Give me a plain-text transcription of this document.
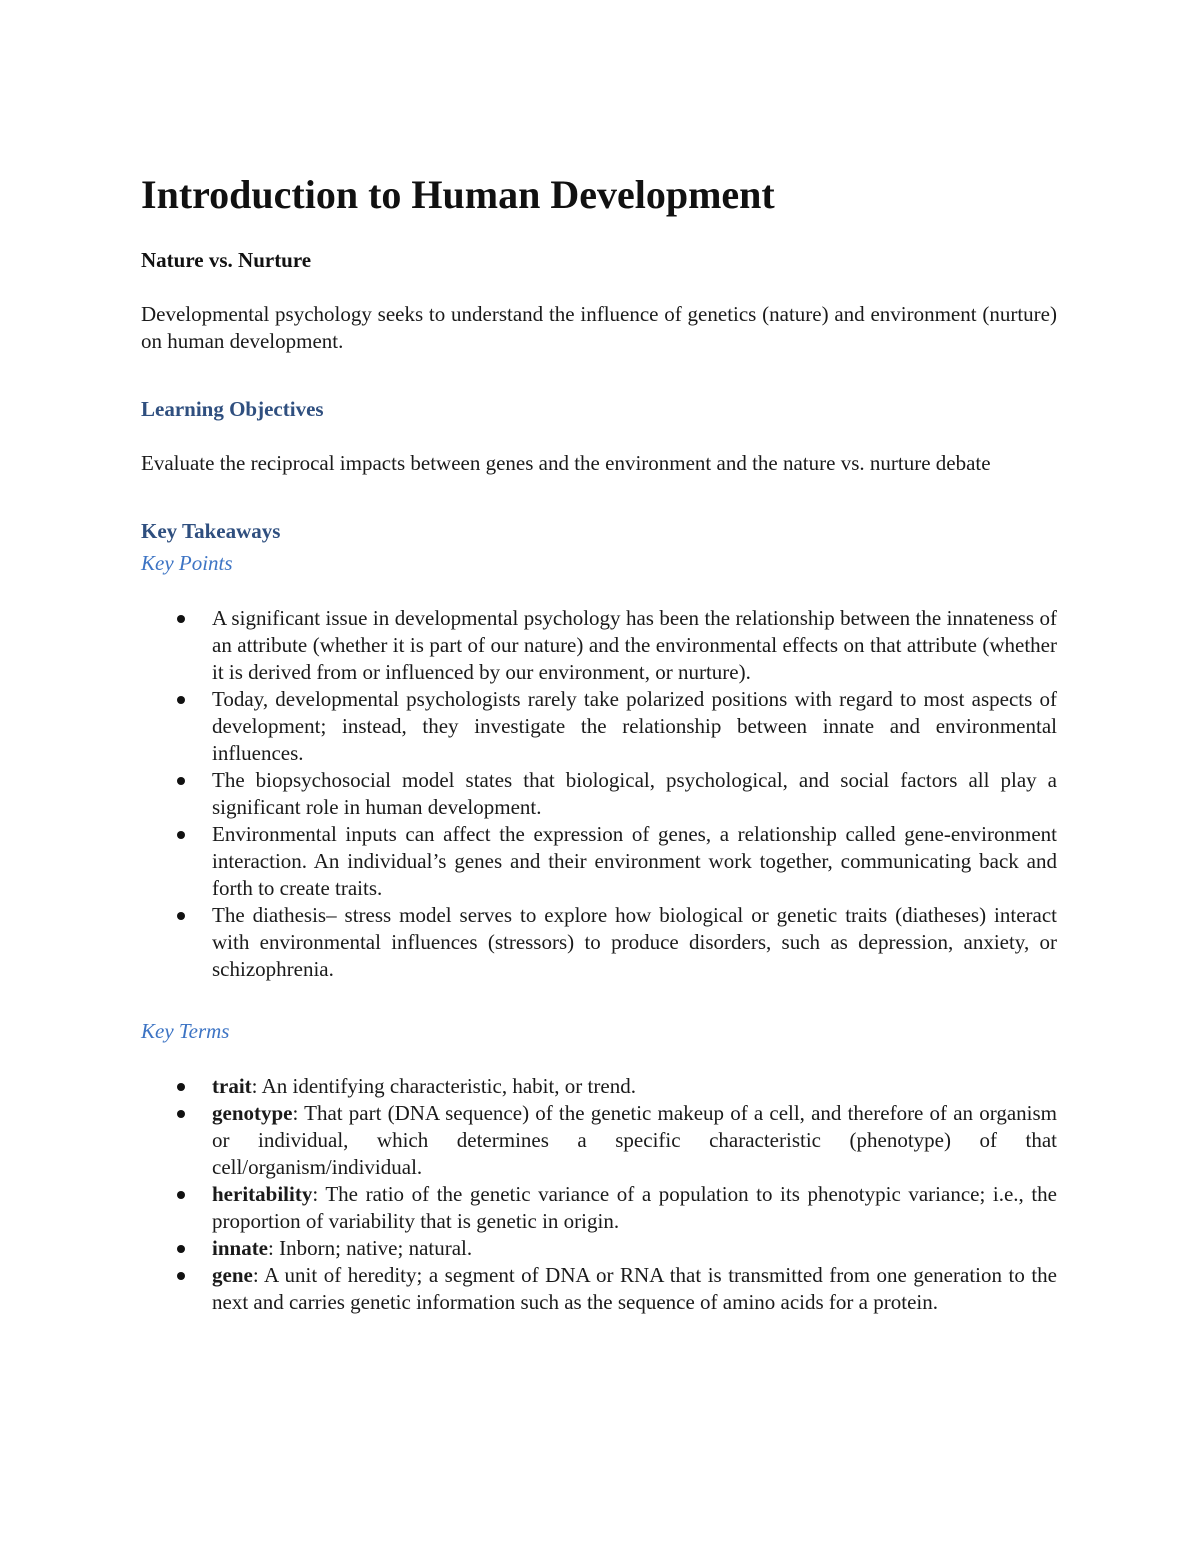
Introduction to Human Development
Nature vs. Nurture

Developmental psychology seeks to understand the influence of genetics (nature) and environment (nurture) on human development.

Learning Objectives

Evaluate the reciprocal impacts between genes and the environment and the nature vs. nurture debate

Key Takeaways
Key Points
A significant issue in developmental psychology has been the relationship between the innateness of an attribute (whether it is part of our nature) and the environmental effects on that attribute (whether it is derived from or influenced by our environment, or nurture).
Today, developmental psychologists rarely take polarized positions with regard to most aspects of development; instead, they investigate the relationship between innate and environmental influences.
The biopsychosocial model states that biological, psychological, and social factors all play a significant role in human development.
Environmental inputs can affect the expression of genes, a relationship called gene-environment interaction. An individual’s genes and their environment work together, communicating back and forth to create traits.
The diathesis– stress model serves to explore how biological or genetic traits (diatheses) interact with environmental influences (stressors) to produce disorders, such as depression, anxiety, or schizophrenia.
Key Terms
trait: An identifying characteristic, habit, or trend.
genotype: That part (DNA sequence) of the genetic makeup of a cell, and therefore of an organism or individual, which determines a specific characteristic (phenotype) of that cell/organism/individual.
heritability: The ratio of the genetic variance of a population to its phenotypic variance; i.e., the proportion of variability that is genetic in origin.
innate: Inborn; native; natural.
gene: A unit of heredity; a segment of DNA or RNA that is transmitted from one generation to the next and carries genetic information such as the sequence of amino acids for a protein.
